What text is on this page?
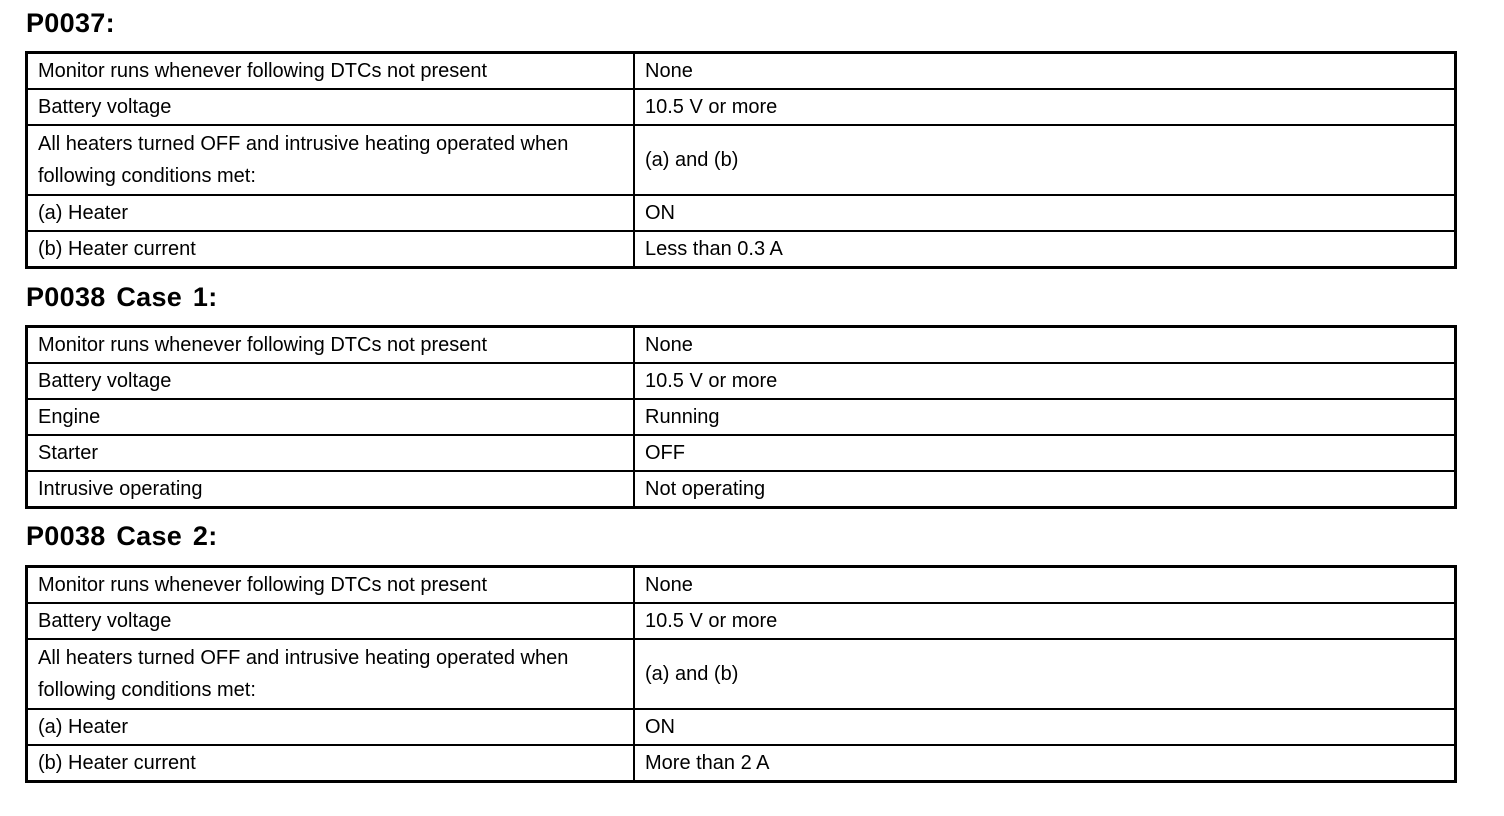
P0037:
Monitor runs whenever following DTCs not present	None
Battery voltage	10.5 V or more
All heaters turned OFF and intrusive heating operated when following conditions met:	(a) and (b)
(a) Heater	ON
(b) Heater current	Less than 0.3 A
P0038 Case 1:
Monitor runs whenever following DTCs not present	None
Battery voltage	10.5 V or more
Engine	Running
Starter	OFF
Intrusive operating	Not operating
P0038 Case 2:
Monitor runs whenever following DTCs not present	None
Battery voltage	10.5 V or more
All heaters turned OFF and intrusive heating operated when following conditions met:	(a) and (b)
(a) Heater	ON
(b) Heater current	More than 2 A
